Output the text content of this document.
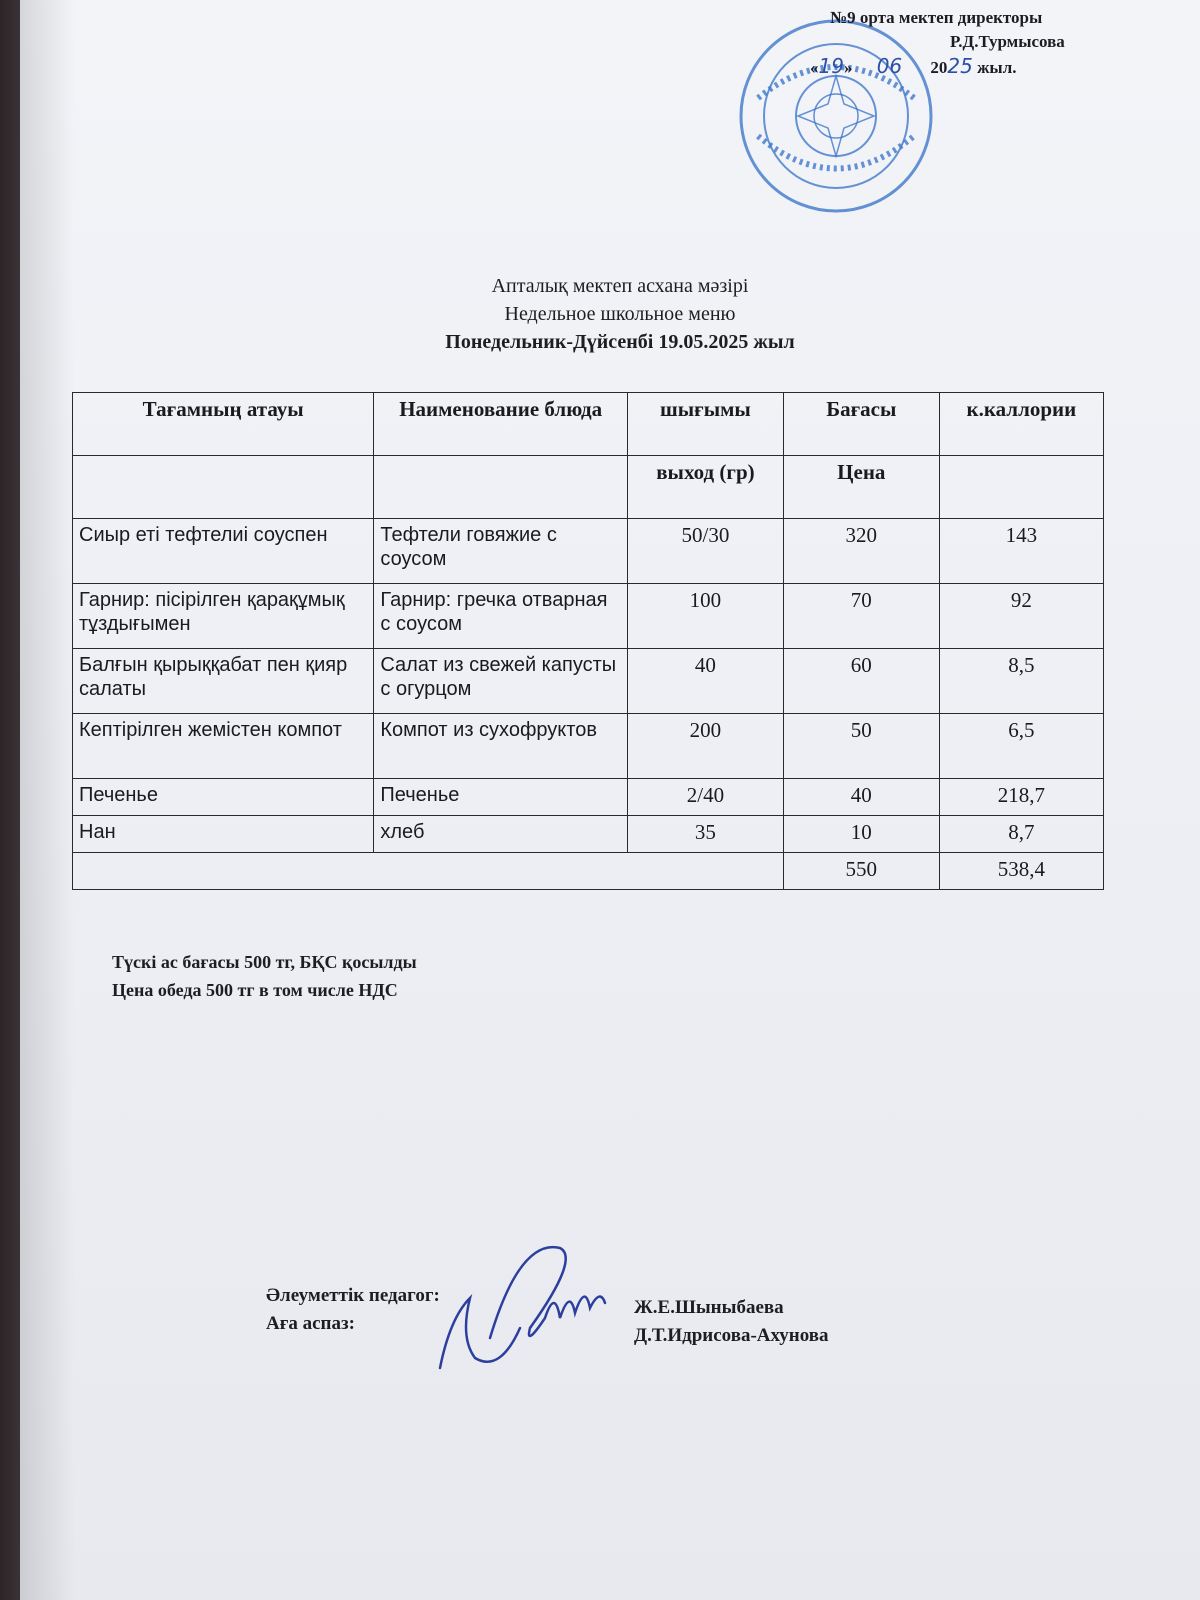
№9 орта мектеп директоры
Р.Д.Турмысова
«19» 06 2025 жыл.
Апталық мектеп асхана мәзірі
Недельное школьное меню
Понедельник-Дүйсенбі 19.05.2025 жыл
Тағамның атауы	Наименование блюда	шығымы	Бағасы	к.каллории
		выход (гр)	Цена	
Сиыр еті тефтелиі соуспен	Тефтели говяжие с соусом	50/30	320	143
Гарнир: пісірілген қарақұмық тұздығымен	Гарнир: гречка отварная с соусом	100	70	92
Балғын қырыққабат пен қияр салаты	Салат из свежей капусты с огурцом	40	60	8,5
Кептірілген жемістен компот	Компот из сухофруктов	200	50	6,5
Печенье	Печенье	2/40	40	218,7
Нан	хлеб	35	10	8,7
			550	538,4
Түскі ас бағасы 500 тг, БҚС қосылды
Цена обеда 500 тг в том числе НДС
Әлеуметтік педагог:
Аға аспаз:
Ж.Е.Шыныбаева
Д.Т.Идрисова-Ахунова
